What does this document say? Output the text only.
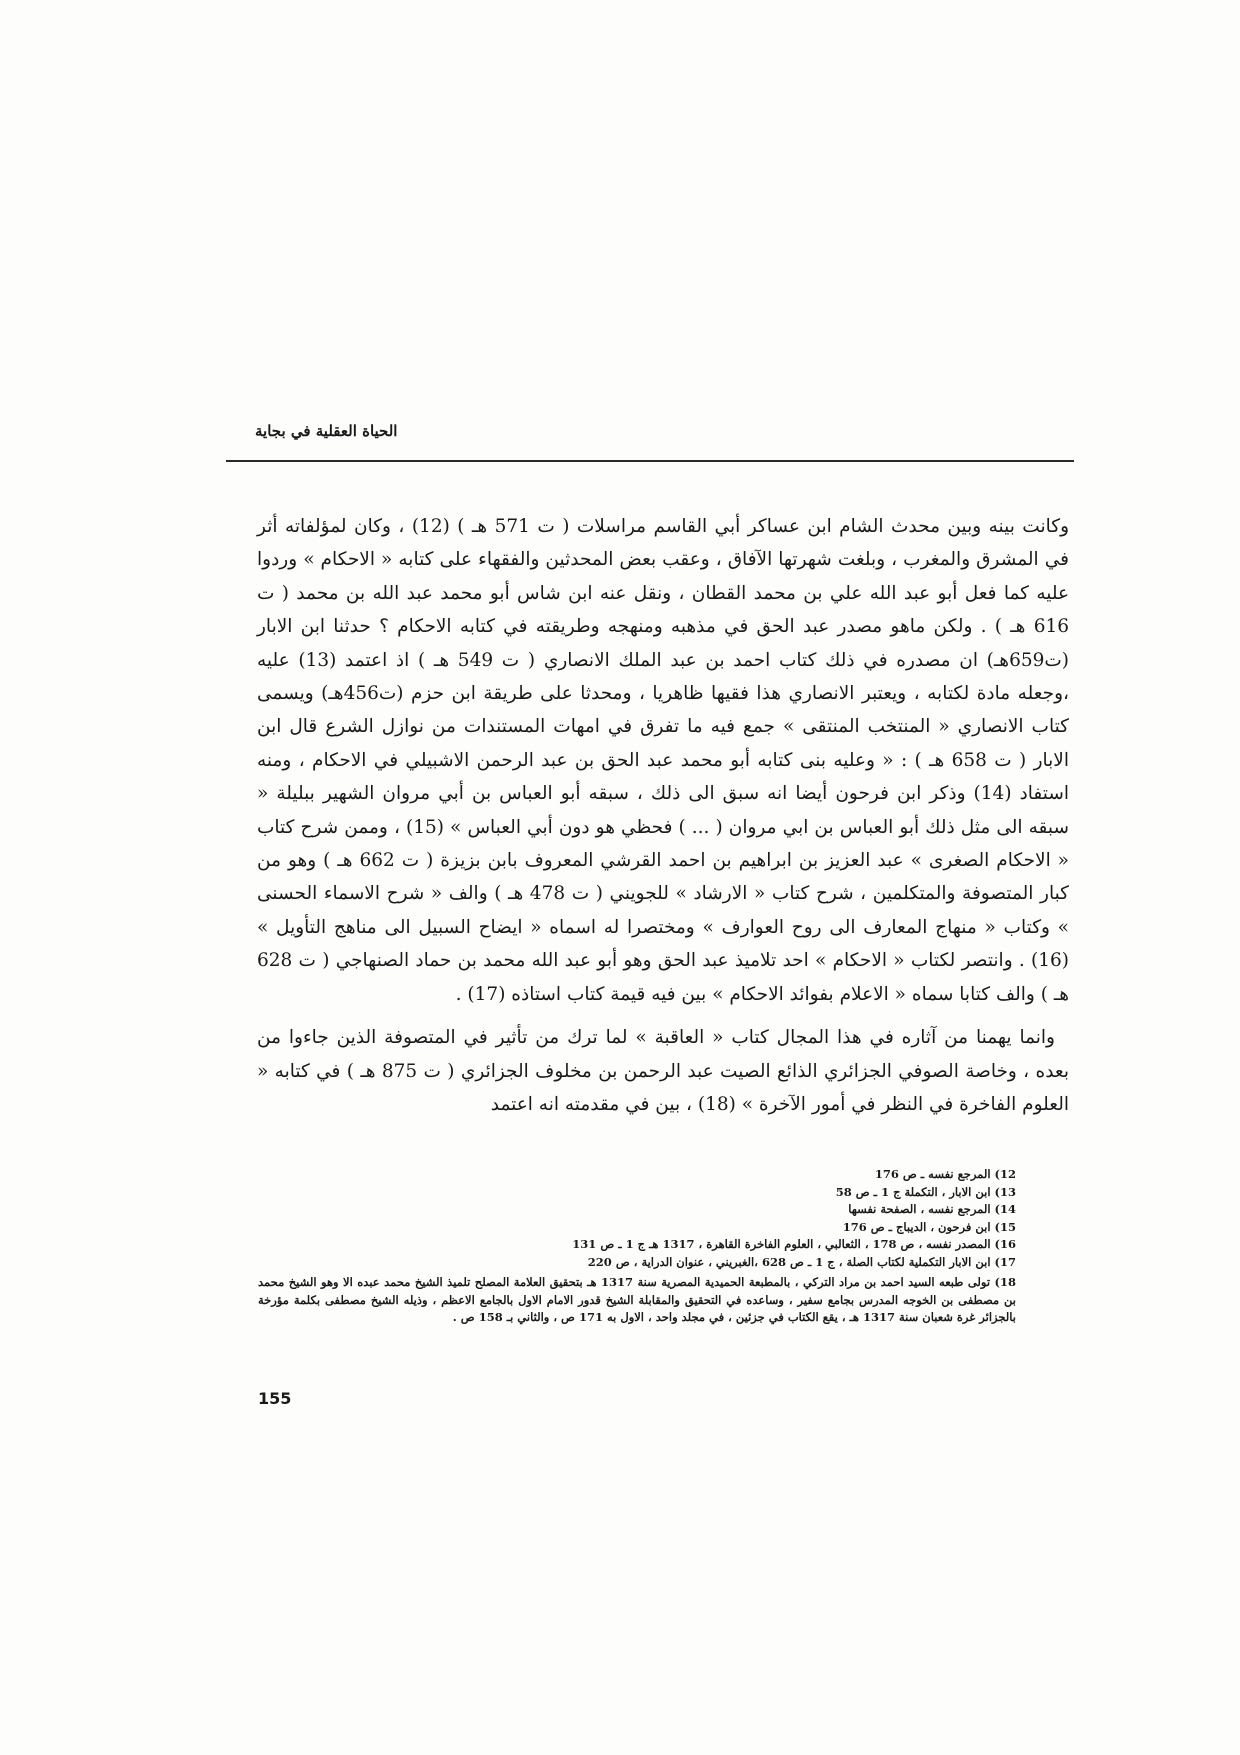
الحياة العقلية في بجاية

وكانت بينه وبين محدث الشام ابن عساكر أبي القاسم مراسلات ( ت 571 هـ ) (12) ، وكان لمؤلفاته أثر في المشرق والمغرب ، وبلغت شهرتها الآفاق ، وعقب بعض المحدثين والفقهاء على كتابه « الاحكام » وردوا عليه كما فعل أبو عبد الله علي بن محمد القطان ، ونقل عنه ابن شاس أبو محمد عبد الله بن محمد ( ت 616 هـ ) . ولكن ماهو مصدر عبد الحق في مذهبه ومنهجه وطريقته في كتابه الاحكام ؟ حدثنا ابن الابار (ت659هـ) ان مصدره في ذلك كتاب احمد بن عبد الملك الانصاري ( ت 549 هـ ) اذ اعتمد (13) عليه ،وجعله مادة لكتابه ، ويعتبر الانصاري هذا فقيها ظاهريا ، ومحدثا على طريقة ابن حزم (ت456هـ) ويسمى كتاب الانصاري « المنتخب المنتقى » جمع فيه ما تفرق في امهات المستندات من نوازل الشرع قال ابن الابار ( ت 658 هـ ) : « وعليه بنى كتابه أبو محمد عبد الحق بن عبد الرحمن الاشبيلي في الاحكام ، ومنه استفاد (14) وذكر ابن فرحون أيضا انه سبق الى ذلك ، سبقه أبو العباس بن أبي مروان الشهير ببليلة « سبقه الى مثل ذلك أبو العباس بن ابي مروان ( ... ) فحظي هو دون أبي العباس » (15) ، وممن شرح كتاب « الاحكام الصغرى » عبد العزيز بن ابراهيم بن احمد القرشي المعروف بابن بزيزة ( ت 662 هـ ) وهو من كبار المتصوفة والمتكلمين ، شرح كتاب « الارشاد » للجويني ( ت 478 هـ ) والف « شرح الاسماء الحسنى » وكتاب « منهاج المعارف الى روح العوارف » ومختصرا له اسماه « ايضاح السبيل الى مناهج التأويل » (16) . وانتصر لكتاب « الاحكام » احد تلاميذ عبد الحق وهو أبو عبد الله محمد بن حماد الصنهاجي ( ت 628 هـ ) والف كتابا سماه « الاعلام بفوائد الاحكام » بين فيه قيمة كتاب استاذه (17) .

وانما يهمنا من آثاره في هذا المجال كتاب « العاقبة » لما ترك من تأثير في المتصوفة الذين جاءوا من بعده ، وخاصة الصوفي الجزائري الذائع الصيت عبد الرحمن بن مخلوف الجزائري ( ت 875 هـ ) في كتابه « العلوم الفاخرة في النظر في أمور الآخرة » (18) ، بين في مقدمته انه اعتمد

12) المرجع نفسه ـ ص 176

13) ابن الابار ، التكملة ج 1 ـ ص 58

14) المرجع نفسه ، الصفحة نفسها

15) ابن فرحون ، الديباج ـ ص 176

16) المصدر نفسه ، ص 178 ، الثعالبي ، العلوم الفاخرة القاهرة ، 1317 هـ ج 1 ـ ص 131

17) ابن الابار التكملية لكتاب الصلة ، ج 1 ـ ص 628 ،الغبريني ، عنوان الدراية ، ص 220

18) تولى طبعه السيد احمد بن مراد التركي ، بالمطبعة الحميدية المصرية سنة 1317 هـ بتحقيق العلامة المصلح تلميذ الشيخ محمد عبده الا وهو الشيخ محمد بن مصطفى بن الخوجه المدرس بجامع سفير ، وساعده في التحقيق والمقابلة الشيخ قدور الامام الاول بالجامع الاعظم ، وذيله الشيخ مصطفى بكلمة مؤرخة بالجزائر غرة شعبان سنة 1317 هـ ، يقع الكتاب في جزئين ، في مجلد واحد ، الاول به 171 ص ، والثاني بـ 158 ص .

155
